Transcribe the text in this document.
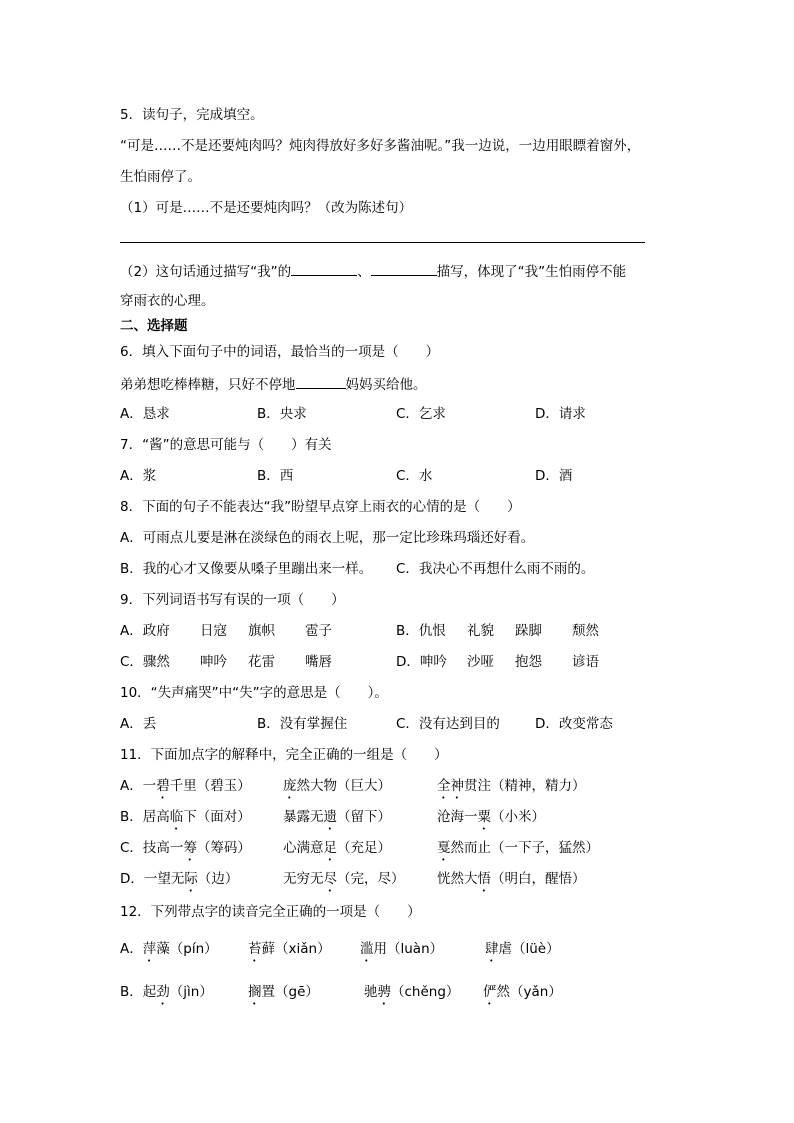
5．读句子，完成填空。
“可是……不是还要炖肉吗？炖肉得放好多好多酱油呢。”我一边说，一边用眼瞟着窗外，
生怕雨停了。
（1）可是……不是还要炖肉吗？（改为陈述句）
（2）这句话通过描写“我”的	、	描写，体现了“我”生怕雨停不能
穿雨衣的心理。
二、选择题
6．填入下面句子中的词语，最恰当的一项是（　　）
弟弟想吃棒棒糖，只好不停地	妈妈买给他。
A．恳求	B．央求	C．乞求	D．请求
7．“酱”的意思可能与（　　）有关
A．浆	B．西	C．水	D．酒
8．下面的句子不能表达“我”盼望早点穿上雨衣的心情的是（　　）
A．可雨点儿要是淋在淡绿色的雨衣上呢，那一定比珍珠玛瑙还好看。
B．我的心才又像要从嗓子里蹦出来一样。 C．我决心不再想什么雨不雨的。
9．下列词语书写有误的一项（　　）
A．政府 日寇 旗帜 雹子	B．仇恨 礼貌 跺脚 颓然
C．骤然 呻吟 花雷 嘴唇	D．呻吟 沙哑 抱怨 谚语
10．“失声痛哭”中“失”字的意思是（　　）。
A．丢	B．没有掌握住	C．没有达到目的	D．改变常态
11．下面加点字的解释中，完全正确的一组是（　　）
A．一碧千里（碧玉） 庞然大物（巨大）	全神贯注（精神，精力）
B．居高临下（面对） 暴露无遗（留下）	沧海一粟（小米）
C．技高一筹（筹码） 心满意足（充足）	戛然而止（一下子，猛然）
D．一望无际（边）	无穷无尽（完，尽） 恍然大悟（明白，醒悟）
12．下列带点字的读音完全正确的一项是（　　）
A．萍藻（pín） 苔藓（xiǎn） 滥用（luàn）	肆虐（lüè）
B．起劲（jìn）	搁置（gē）	驰骋（chěng） 俨然（yǎn）
